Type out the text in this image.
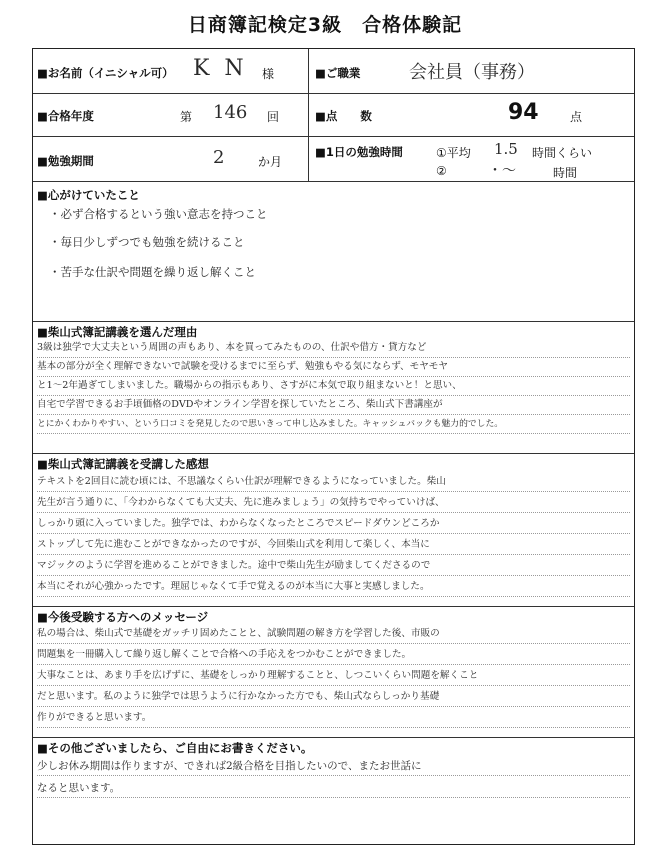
日商簿記検定3級　合格体験記
■お名前（イニシャル可） K N 様	■ご職業	会社員（事務）
■合格年度	第 146 回	■点　　数	94	点
■勉強期間	2	か月
■1日の勉強時間	①平均 1.5 時間くらい
②	・～	時間
■心がけていたこと
・必ず合格するという強い意志を持つこと
・毎日少しずつでも勉強を続けること
・苦手な仕訳や問題を繰り返し解くこと
■柴山式簿記講義を選んだ理由
3級は独学で大丈夫という周囲の声もあり、本を買ってみたものの、仕訳や借方・貸方など
基本の部分が全く理解できないで試験を受けるまでに至らず、勉強もやる気にならず、モヤモヤ
と1～2年過ぎてしまいました。職場からの指示もあり、さすがに本気で取り組まないと！と思い、
自宅で学習できるお手頃価格のDVDやオンライン学習を探していたところ、柴山式下書講座が
とにかくわかりやすい、という口コミを発見したので思いきって申し込みました。キャッシュバックも魅力的でした。
■柴山式簿記講義を受講した感想
テキストを2回目に読む頃には、不思議なくらい仕訳が理解できるようになっていました。柴山
先生が言う通りに、「今わからなくても大丈夫、先に進みましょう」の気持ちでやっていけば、
しっかり頭に入っていました。独学では、わからなくなったところでスピードダウンどころか
ストップして先に進むことができなかったのですが、今回柴山式を利用して楽しく、本当に
マジックのように学習を進めることができました。途中で柴山先生が励ましてくださるので
本当にそれが心強かったです。理屈じゃなくて手で覚えるのが本当に大事と実感しました。
■今後受験する方へのメッセージ
私の場合は、柴山式で基礎をガッチリ固めたことと、試験問題の解き方を学習した後、市販の
問題集を一冊購入して繰り返し解くことで合格への手応えをつかむことができました。
大事なことは、あまり手を広げずに、基礎をしっかり理解することと、しつこいくらい問題を解くこと
だと思います。私のように独学では思うように行かなかった方でも、柴山式ならしっかり基礎
作りができると思います。
■その他ございましたら、ご自由にお書きください。
少しお休み期間は作りますが、できれば2級合格を目指したいので、またお世話に
なると思います。
